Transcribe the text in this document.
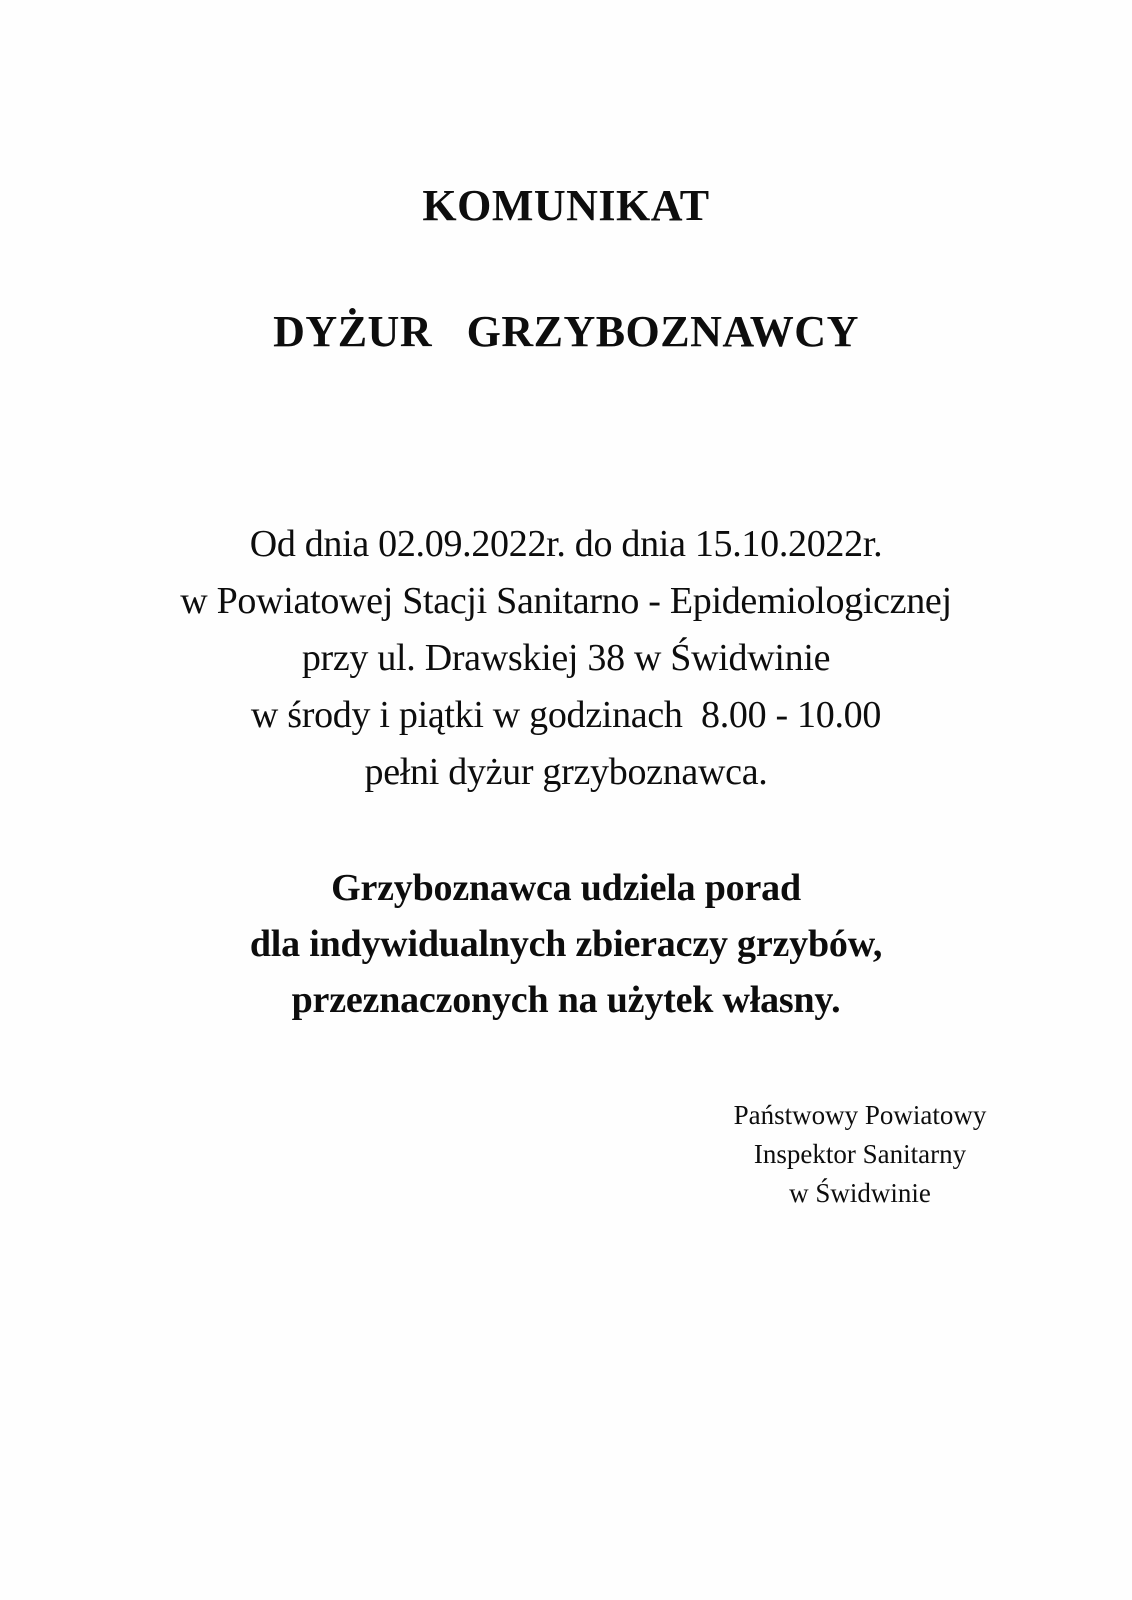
KOMUNIKAT
DYŻUR   GRZYBOZNAWCY
Od dnia 02.09.2022r. do dnia 15.10.2022r.
w Powiatowej Stacji Sanitarno - Epidemiologicznej
przy ul. Drawskiej 38 w Świdwinie
w środy i piątki w godzinach  8.00 - 10.00
pełni dyżur grzyboznawca.
Grzyboznawca udziela porad
dla indywidualnych zbieraczy grzybów,
przeznaczonych na użytek własny.
Państwowy Powiatowy
Inspektor Sanitarny
w Świdwinie
